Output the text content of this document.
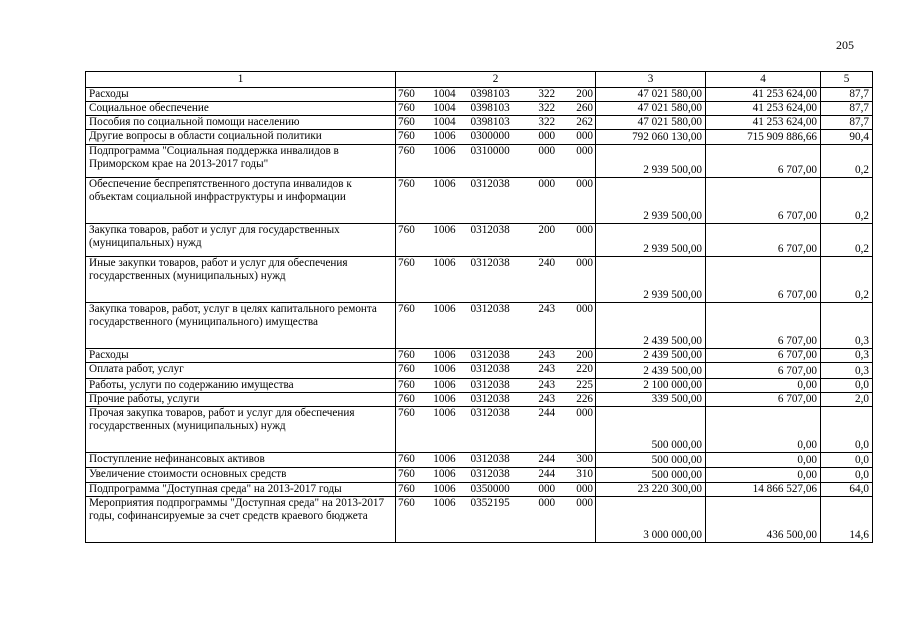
205
1	2	3	4	5
Расходы	760 1004 0398103 322 200	47 021 580,00	41 253 624,00	87,7
Социальное обеспечение	760 1004 0398103 322 260	47 021 580,00	41 253 624,00	87,7
Пособия по социальной помощи населению	760 1004 0398103 322 262	47 021 580,00	41 253 624,00	87,7
Другие вопросы в области социальной политики	760 1006 0300000 000 000	792 060 130,00	715 909 886,66	90,4
Подпрограмма "Социальная поддержка инвалидов в Приморском крае на 2013-2017 годы"	760 1006 0310000 000 000	2 939 500,00	6 707,00	0,2
Обеспечение беспрепятственного доступа инвалидов к объектам социальной инфраструктуры и информации	760 1006 0312038 000 000	2 939 500,00	6 707,00	0,2
Закупка товаров, работ и услуг для государственных (муниципальных) нужд	760 1006 0312038 200 000	2 939 500,00	6 707,00	0,2
Иные закупки товаров, работ и услуг для обеспечения государственных (муниципальных) нужд	760 1006 0312038 240 000	2 939 500,00	6 707,00	0,2
Закупка товаров, работ, услуг в целях капитального ремонта государственного (муниципального) имущества	760 1006 0312038 243 000	2 439 500,00	6 707,00	0,3
Расходы	760 1006 0312038 243 200	2 439 500,00	6 707,00	0,3
Оплата работ, услуг	760 1006 0312038 243 220	2 439 500,00	6 707,00	0,3
Работы, услуги по содержанию имущества	760 1006 0312038 243 225	2 100 000,00	0,00	0,0
Прочие работы, услуги	760 1006 0312038 243 226	339 500,00	6 707,00	2,0
Прочая закупка товаров, работ и услуг для обеспечения государственных (муниципальных) нужд	760 1006 0312038 244 000	500 000,00	0,00	0,0
Поступление нефинансовых активов	760 1006 0312038 244 300	500 000,00	0,00	0,0
Увеличение стоимости основных средств	760 1006 0312038 244 310	500 000,00	0,00	0,0
Подпрограмма "Доступная среда" на 2013-2017 годы	760 1006 0350000 000 000	23 220 300,00	14 866 527,06	64,0
Мероприятия подпрограммы "Доступная среда" на 2013-2017 годы, софинансируемые за счет средств краевого бюджета	760 1006 0352195 000 000	3 000 000,00	436 500,00	14,6
